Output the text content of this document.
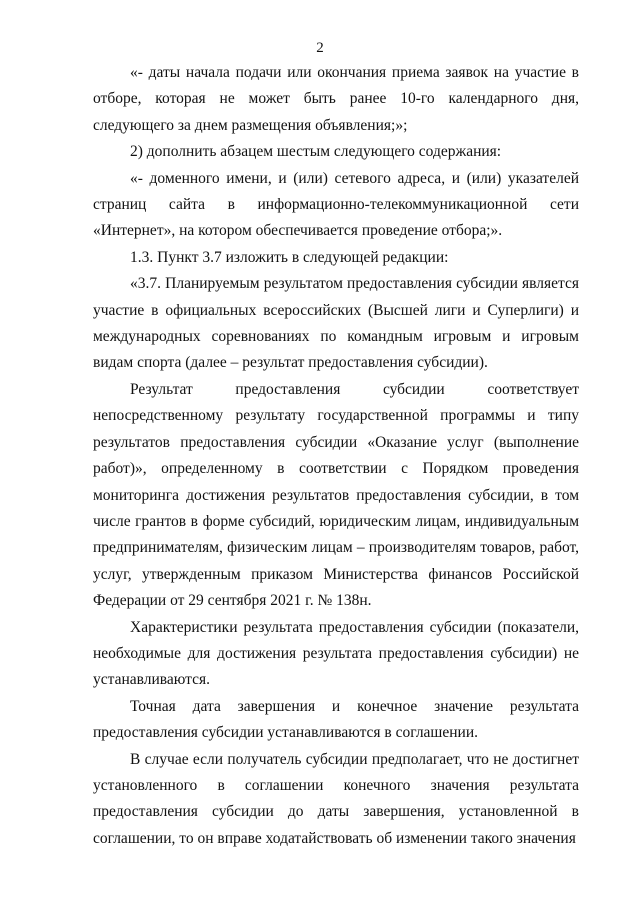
2

«- даты начала подачи или окончания приема заявок на участие в отборе, которая не может быть ранее 10-го календарного дня, следующего за днем размещения объявления;»;

2) дополнить абзацем шестым следующего содержания:

«- доменного имени, и (или) сетевого адреса, и (или) указателей страниц сайта в информационно-телекоммуникационной сети «Интернет», на котором обеспечивается проведение отбора;».

1.3. Пункт 3.7 изложить в следующей редакции:

«3.7. Планируемым результатом предоставления субсидии является участие в официальных всероссийских (Высшей лиги и Суперлиги) и международных соревнованиях по командным игровым и игровым видам спорта (далее – результат предоставления субсидии).

Результат предоставления субсидии соответствует непосредственному результату государственной программы и типу результатов предоставления субсидии «Оказание услуг (выполнение работ)», определенному в соответствии с Порядком проведения мониторинга достижения результатов предоставления субсидии, в том числе грантов в форме субсидий, юридическим лицам, индивидуальным предпринимателям, физическим лицам – производителям товаров, работ, услуг, утвержденным приказом Министерства финансов Российской Федерации от 29 сентября 2021 г. № 138н.

Характеристики результата предоставления субсидии (показатели, необходимые для достижения результата предоставления субсидии) не устанавливаются.

Точная дата завершения и конечное значение результата предоставления субсидии устанавливаются в соглашении.

В случае если получатель субсидии предполагает, что не достигнет установленного в соглашении конечного значения результата предоставления субсидии до даты завершения, установленной в соглашении, то он вправе ходатайствовать об изменении такого значения
